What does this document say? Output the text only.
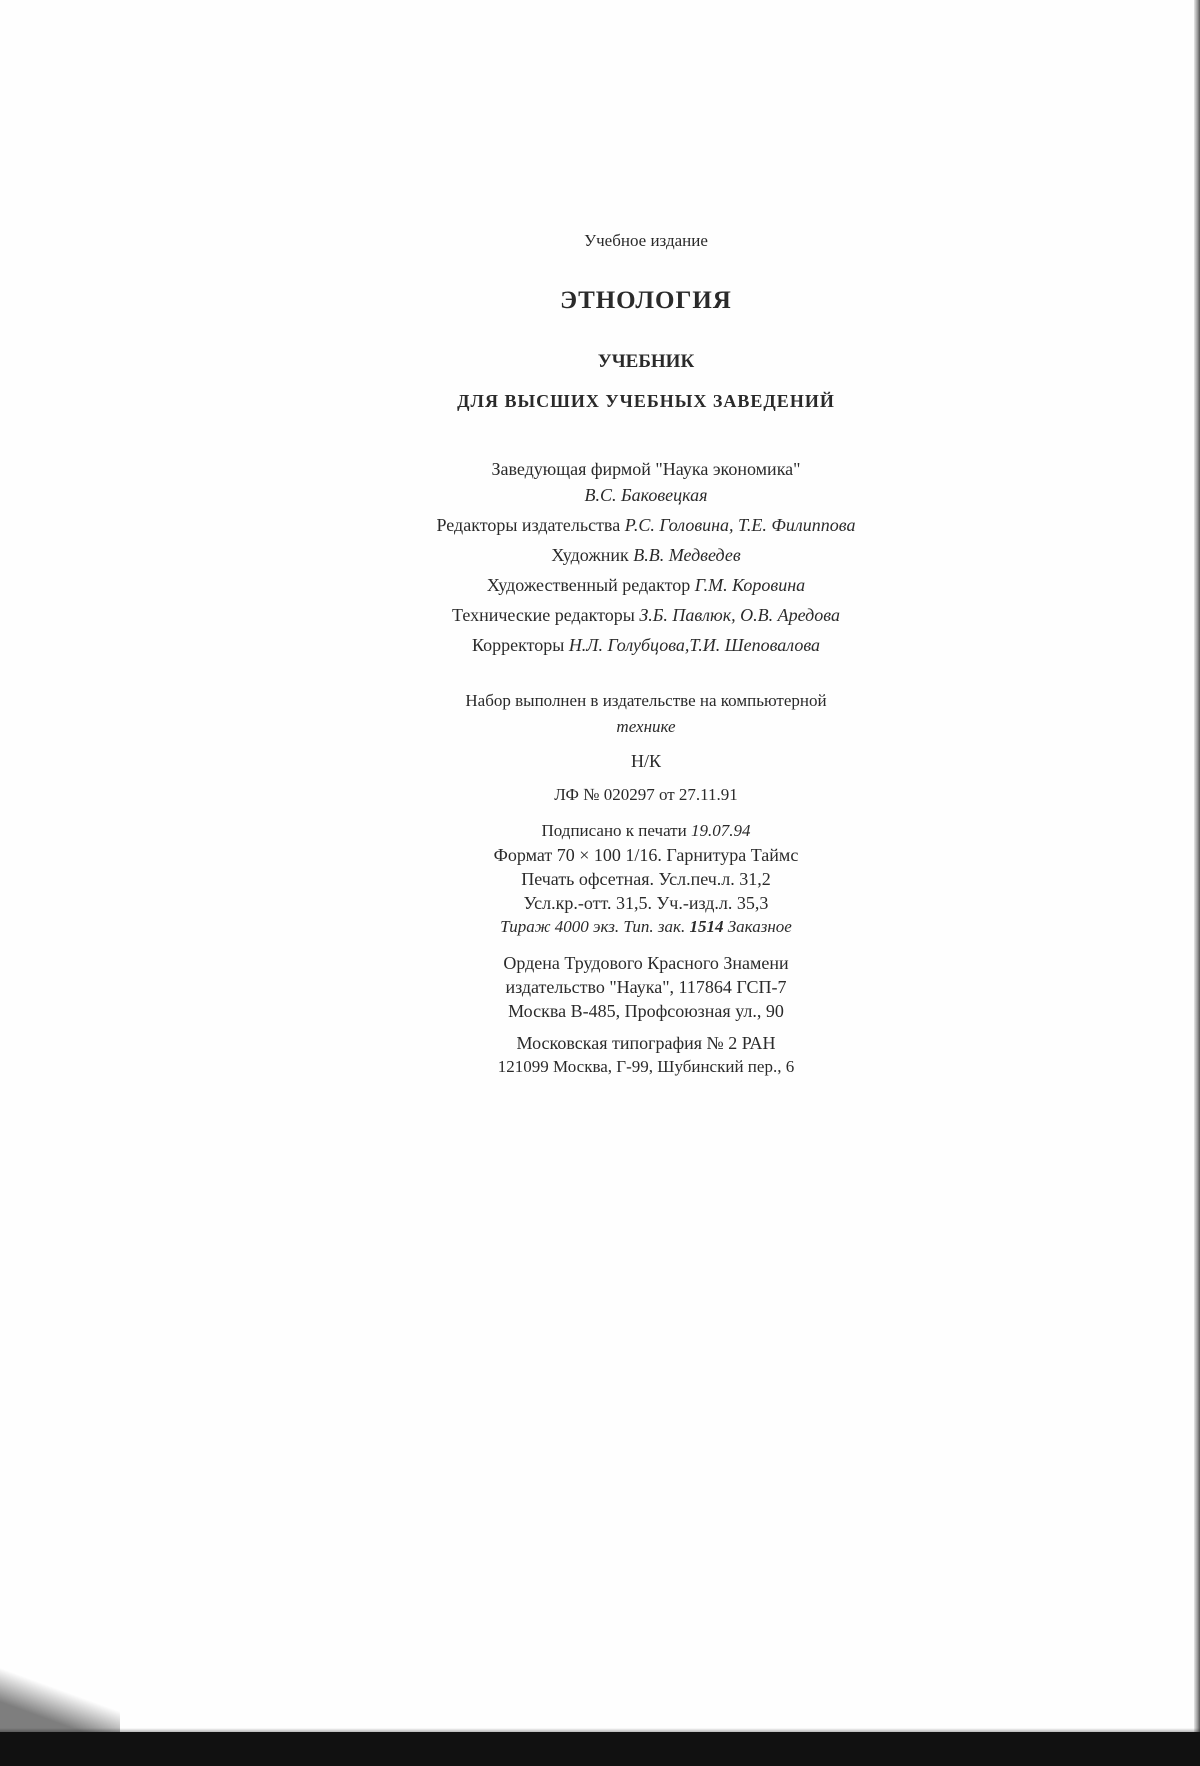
Учебное издание
ЭТНОЛОГИЯ
УЧЕБНИК
ДЛЯ ВЫСШИХ УЧЕБНЫХ ЗАВЕДЕНИЙ
Заведующая фирмой "Наука экономика"
В.С. Баковецкая
Редакторы издательства Р.С. Головина, Т.Е. Филиппова
Художник В.В. Медведев
Художественный редактор Г.М. Коровина
Технические редакторы З.Б. Павлюк, О.В. Аредова
Корректоры Н.Л. Голубцова,Т.И. Шеповалова
Набор выполнен в издательстве на компьютерной
технике
Н/К
ЛФ № 020297 от 27.11.91
Подписано к печати 19.07.94
Формат 70 × 100 1/16. Гарнитура Таймс
Печать офсетная. Усл.печ.л. 31,2
Усл.кр.-отт. 31,5. Уч.-изд.л. 35,3
Тираж 4000 экз. Тип. зак. 1514 Заказное
Ордена Трудового Красного Знамени
издательство "Наука", 117864 ГСП-7
Москва В-485, Профсоюзная ул., 90
Московская типография № 2 РАН
121099 Москва, Г-99, Шубинский пер., 6
